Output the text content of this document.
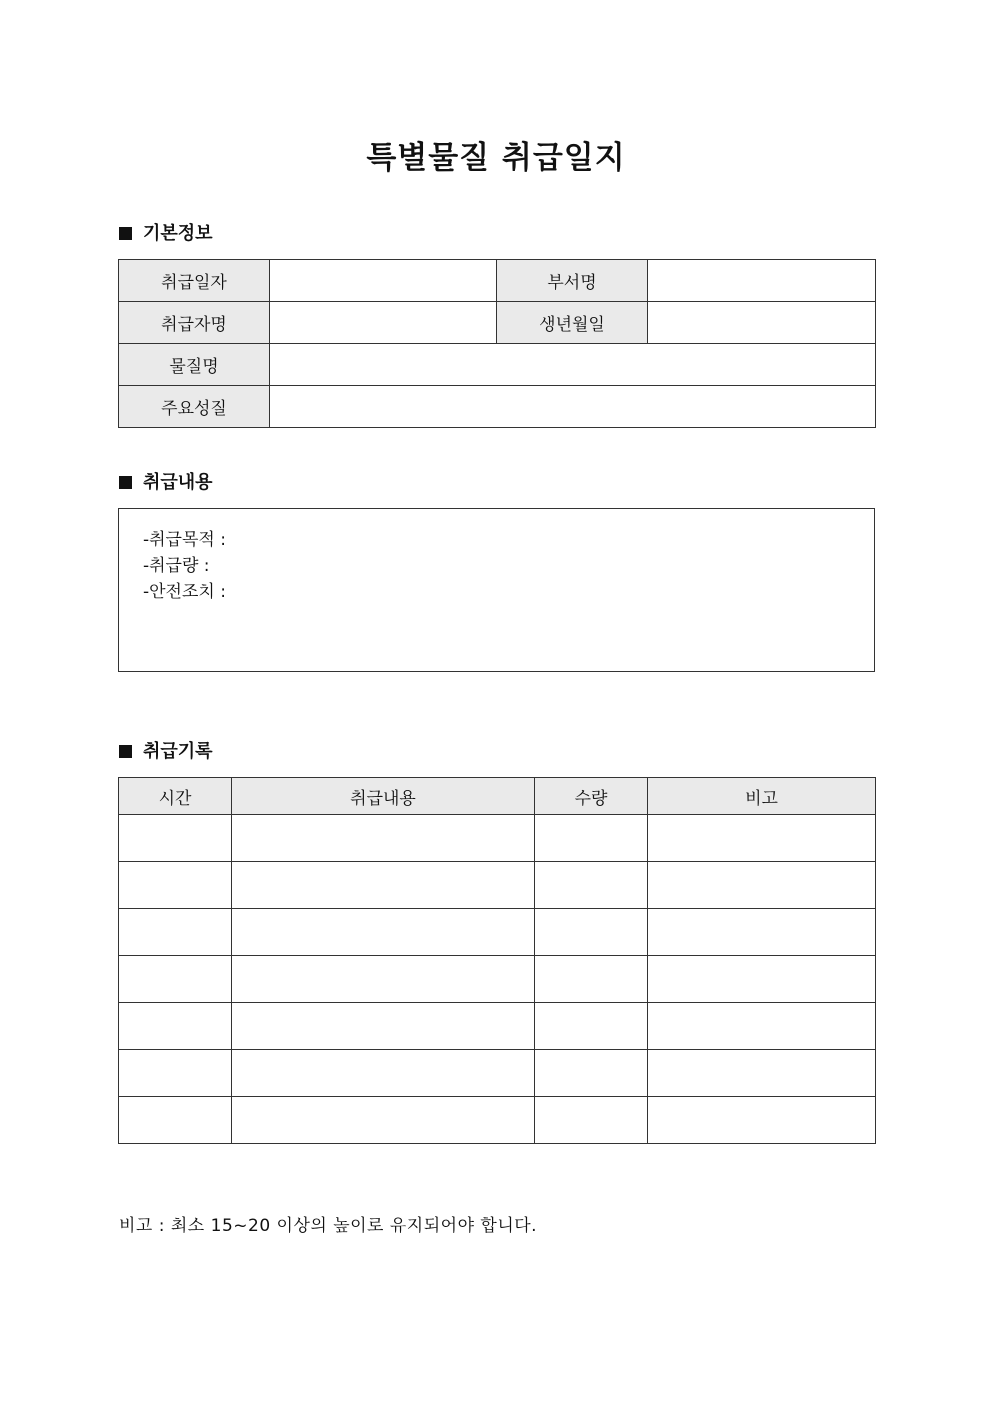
특별물질 취급일지
기본정보
취급일자		부서명	
취급자명		생년월일	
물질명			
주요성질			
취급내용
-취급목적 :
-취급량 :
-안전조치 :
취급기록
시간	취급내용	수량	비고

비고 : 최소 15~20 이상의 높이로 유지되어야 합니다.
